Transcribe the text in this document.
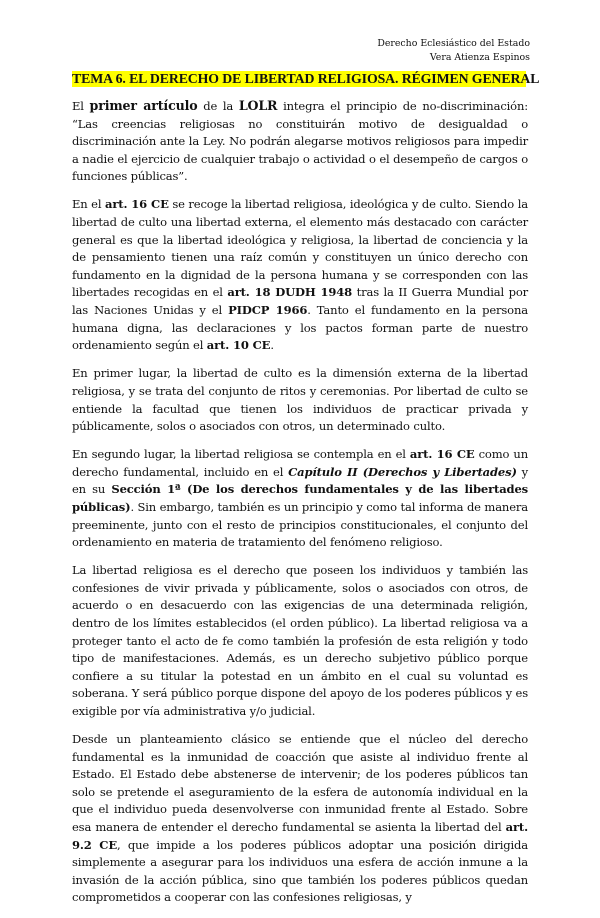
Derecho Eclesiástico del Estado
Vera Atienza Espinos
TEMA 6. EL DERECHO DE LIBERTAD RELIGIOSA. RÉGIMEN GENERAL

El primer artículo de la LOLR integra el principio de no-discriminación: “Las creencias religiosas no constituirán motivo de desigualdad o discriminación ante la Ley. No podrán alegarse motivos religiosos para impedir a nadie el ejercicio de cualquier trabajo o actividad o el desempeño de cargos o funciones públicas”.

En el art. 16 CE se recoge la libertad religiosa, ideológica y de culto. Siendo la libertad de culto una libertad externa, el elemento más destacado con carácter general es que la libertad ideológica y religiosa, la libertad de conciencia y la de pensamiento tienen una raíz común y constituyen un único derecho con fundamento en la dignidad de la persona humana y se corresponden con las libertades recogidas en el art. 18 DUDH 1948 tras la II Guerra Mundial por las Naciones Unidas y el PIDCP 1966. Tanto el fundamento en la persona humana digna, las declaraciones y los pactos forman parte de nuestro ordenamiento según el art. 10 CE.

En primer lugar, la libertad de culto es la dimensión externa de la libertad religiosa, y se trata del conjunto de ritos y ceremonias. Por libertad de culto se entiende la facultad que tienen los individuos de practicar privada y públicamente, solos o asociados con otros, un determinado culto.

En segundo lugar, la libertad religiosa se contempla en el art. 16 CE como un derecho fundamental, incluido en el Capítulo II (Derechos y Libertades) y en su Sección 1ª (De los derechos fundamentales y de las libertades públicas). Sin embargo, también es un principio y como tal informa de manera preeminente, junto con el resto de principios constitucionales, el conjunto del ordenamiento en materia de tratamiento del fenómeno religioso.

La libertad religiosa es el derecho que poseen los individuos y también las confesiones de vivir privada y públicamente, solos o asociados con otros, de acuerdo o en desacuerdo con las exigencias de una determinada religión, dentro de los límites establecidos (el orden público). La libertad religiosa va a proteger tanto el acto de fe como también la profesión de esta religión y todo tipo de manifestaciones. Además, es un derecho subjetivo público porque confiere a su titular la potestad en un ámbito en el cual su voluntad es soberana. Y será público porque dispone del apoyo de los poderes públicos y es exigible por vía administrativa y/o judicial.

Desde un planteamiento clásico se entiende que el núcleo del derecho fundamental es la inmunidad de coacción que asiste al individuo frente al Estado. El Estado debe abstenerse de intervenir; de los poderes públicos tan solo se pretende el aseguramiento de la esfera de autonomía individual en la que el individuo pueda desenvolverse con inmunidad frente al Estado. Sobre esa manera de entender el derecho fundamental se asienta la libertad del art. 9.2 CE, que impide a los poderes públicos adoptar una posición dirigida simplemente a asegurar para los individuos una esfera de acción inmune a la invasión de la acción pública, sino que también los poderes públicos quedan comprometidos a cooperar con las confesiones religiosas, y
